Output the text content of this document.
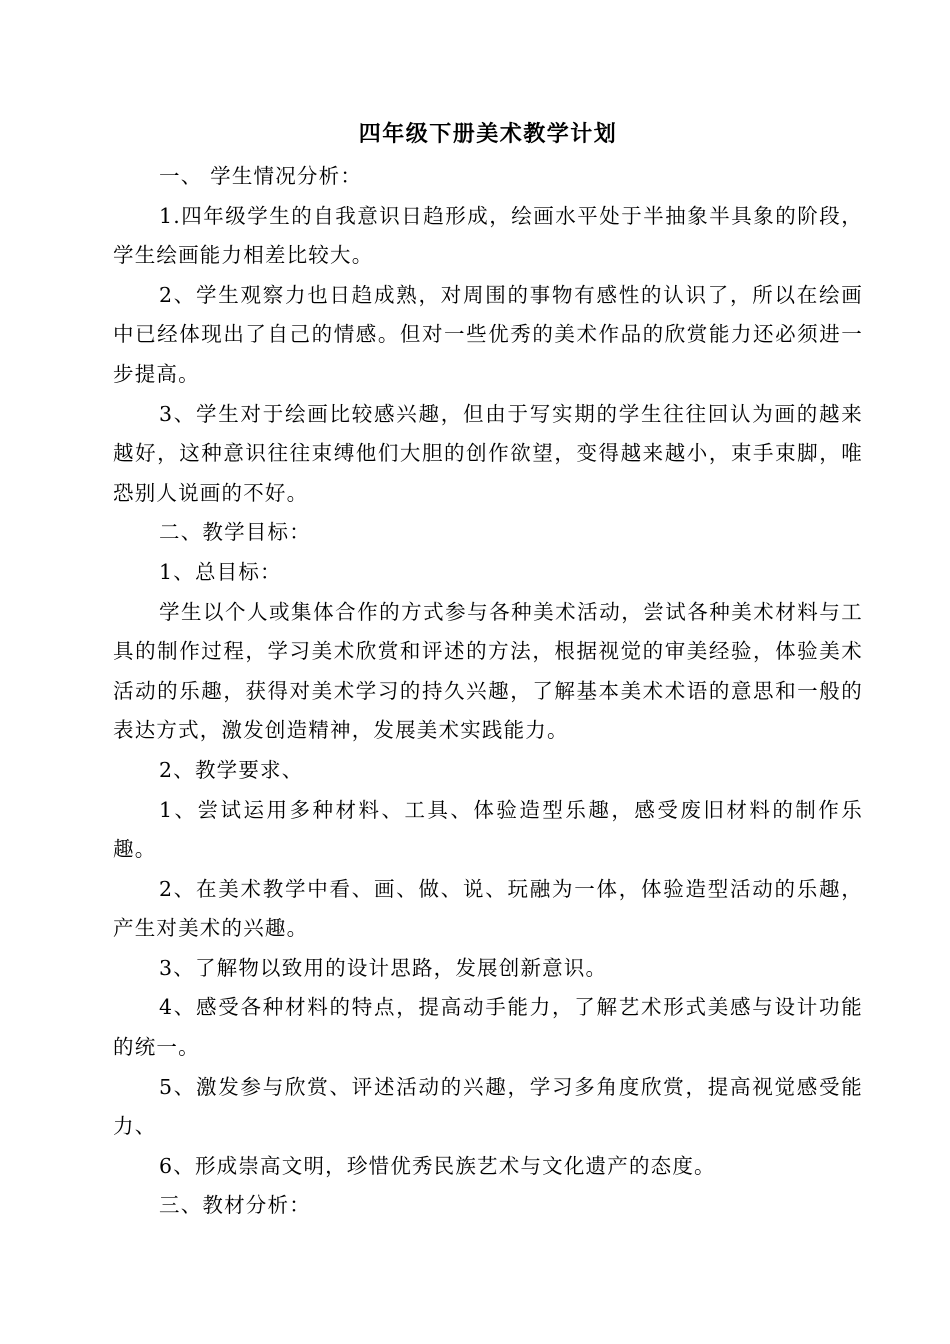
四年级下册美术教学计划

一、 学生情况分析：

1.四年级学生的自我意识日趋形成，绘画水平处于半抽象半具象的阶段，学生绘画能力相差比较大。

2、学生观察力也日趋成熟，对周围的事物有感性的认识了，所以在绘画中已经体现出了自己的情感。但对一些优秀的美术作品的欣赏能力还必须进一步提高。

3、学生对于绘画比较感兴趣，但由于写实期的学生往往回认为画的越来越好，这种意识往往束缚他们大胆的创作欲望，变得越来越小，束手束脚，唯恐别人说画的不好。

二、教学目标：

1、总目标：

学生以个人或集体合作的方式参与各种美术活动，尝试各种美术材料与工具的制作过程，学习美术欣赏和评述的方法，根据视觉的审美经验，体验美术活动的乐趣，获得对美术学习的持久兴趣，了解基本美术术语的意思和一般的表达方式，激发创造精神，发展美术实践能力。

2、教学要求、

1、尝试运用多种材料、工具、体验造型乐趣，感受废旧材料的制作乐趣。

2、在美术教学中看、画、做、说、玩融为一体，体验造型活动的乐趣，产生对美术的兴趣。

3、了解物以致用的设计思路，发展创新意识。

4、感受各种材料的特点，提高动手能力，了解艺术形式美感与设计功能的统一。

5、激发参与欣赏、评述活动的兴趣，学习多角度欣赏，提高视觉感受能力、

6、形成崇高文明，珍惜优秀民族艺术与文化遗产的态度。

三、教材分析：
